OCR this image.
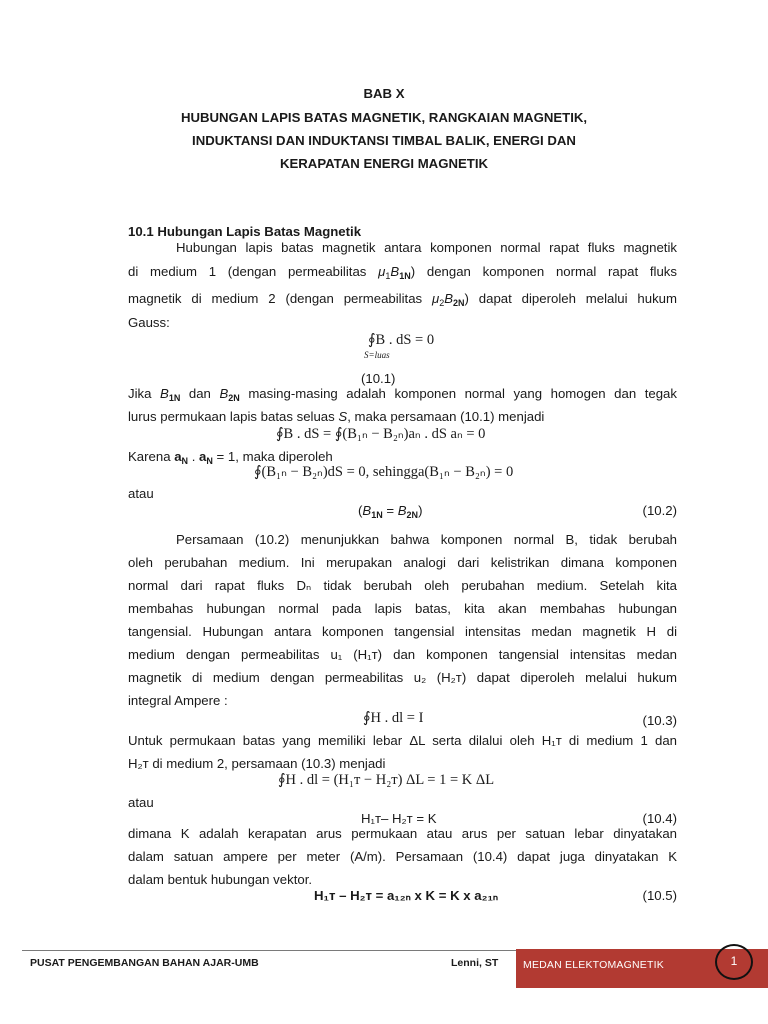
BAB X
HUBUNGAN LAPIS BATAS MAGNETIK, RANGKAIAN MAGNETIK,
INDUKTANSI DAN INDUKTANSI TIMBAL BALIK, ENERGI DAN
KERAPATAN ENERGI MAGNETIK
10.1 Hubungan Lapis Batas Magnetik
Hubungan lapis batas magnetik antara komponen normal rapat fluks magnetik
di medium 1 (dengan permeabilitas $\mu_1B_{1N}$) dengan komponen normal rapat fluks
magnetik di medium 2 (dengan permeabilitas $\mu_2B_{2N}$) dapat diperoleh melalui hukum
Gauss:
∮B . dS = 0
S=luas
(10.1)
Jika $B_{1N}$ dan $B_{2N}$ masing-masing adalah komponen normal yang homogen dan tegak
lurus permukaan lapis batas seluas S, maka persamaan (10.1) menjadi
∮B . dS = ∮(B₁ₙ − B₂ₙ)aₙ . dS aₙ = 0
Karena $a_N$ . $a_N = 1$, maka diperoleh
∮(B₁ₙ − B₂ₙ)dS = 0, sehingga(B₁ₙ − B₂ₙ) = 0
atau
$(B_{1N} = B_{2N})$	(10.2)
Persamaan (10.2) menunjukkan bahwa komponen normal B, tidak berubah
oleh perubahan medium. Ini merupakan analogi dari kelistrikan dimana komponen
normal dari rapat fluks Dₙ tidak berubah oleh perubahan medium. Setelah kita
membahas hubungan normal pada lapis batas, kita akan membahas hubungan
tangensial. Hubungan antara komponen tangensial intensitas medan magnetik H di
medium dengan permeabilitas u₁ (H₁ᴛ) dan komponen tangensial intensitas medan
magnetik di medium dengan permeabilitas u₂ (H₂ᴛ) dapat diperoleh melalui hukum
integral Ampere :
∮H . dl = I	(10.3)
Untuk permukaan batas yang memiliki lebar ΔL serta dilalui oleh H₁ᴛ di medium 1 dan
H₂ᴛ di medium 2, persamaan (10.3) menjadi
∮H . dl = (H₁ᴛ − H₂ᴛ) ΔL = 1 = K ΔL
atau
H₁ᴛ– H₂ᴛ = K	(10.4)
dimana K adalah kerapatan arus permukaan atau arus per satuan lebar dinyatakan
dalam satuan ampere per meter (A/m). Persamaan (10.4) dapat juga dinyatakan K
dalam bentuk hubungan vektor.
H₁ᴛ – H₂ᴛ = a₁₂ₙ x K = K x a₂₁ₙ	(10.5)
PUSAT PENGEMBANGAN BAHAN AJAR-UMB	Lenni, ST MEDAN ELEKTOMAGNETIK	1
